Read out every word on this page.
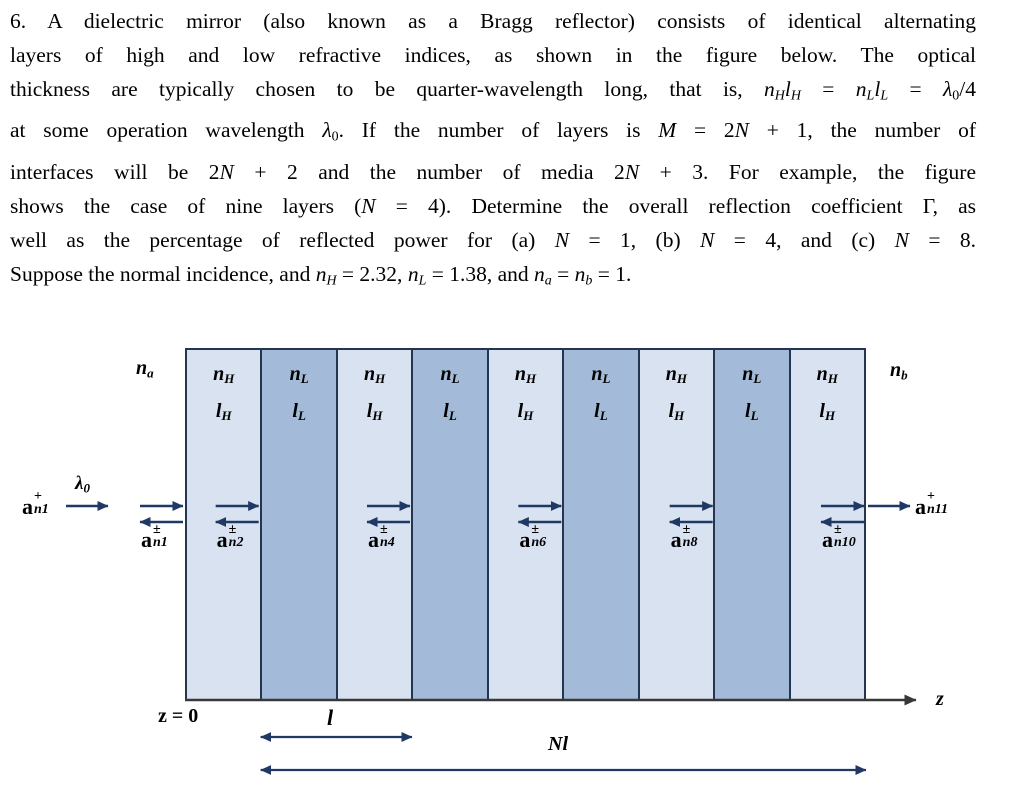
6. A dielectric mirror (also known as a Bragg reflector) consists of identical alternating
layers of high and low refractive indices, as shown in the figure below. The optical
thickness are typically chosen to be quarter-wavelength long, that is, nHlH = nLlL = λ0/4
at some operation wavelength λ0. If the number of layers is M = 2N + 1, the number of
interfaces will be 2N + 2 and the number of media 2N + 3. For example, the figure
shows the case of nine layers (N = 4). Determine the overall reflection coefficient Γ, as
well as the percentage of reflected power for (a) N = 1, (b) N = 4, and (c) N = 8.
Suppose the normal incidence, and nH = 2.32, nL = 1.38, and na = nb = 1.
nH
lH
nL
lL
nH
lH
nL
lL
nH
lH
nL
lL
nH
lH
nL
lL
nH
lH
na	nb
λ0
a +
n1
a ±
n1 a ±
n2	a ±
n4	a ±
n6	a ±
n8	a ±
n10
a +
n11
z = 0
z
l
Nl
